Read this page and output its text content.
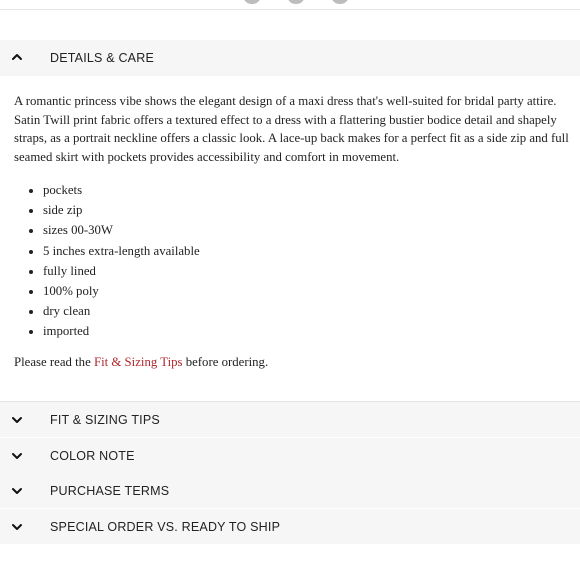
DETAILS & CARE

A romantic princess vibe shows the elegant design of a maxi dress that's well-suited for bridal party attire. Satin Twill print fabric offers a textured effect to a dress with a flattering bustier bodice detail and shapely straps, as a portrait neckline offers a classic look. A lace-up back makes for a perfect fit as a side zip and full seamed skirt with pockets provides accessibility and comfort in movement.

• pockets
• side zip
• sizes 00-30W
• 5 inches extra-length available
• fully lined
• 100% poly
• dry clean
• imported

Please read the Fit & Sizing Tips before ordering.

FIT & SIZING TIPS
COLOR NOTE
PURCHASE TERMS
SPECIAL ORDER VS. READY TO SHIP
